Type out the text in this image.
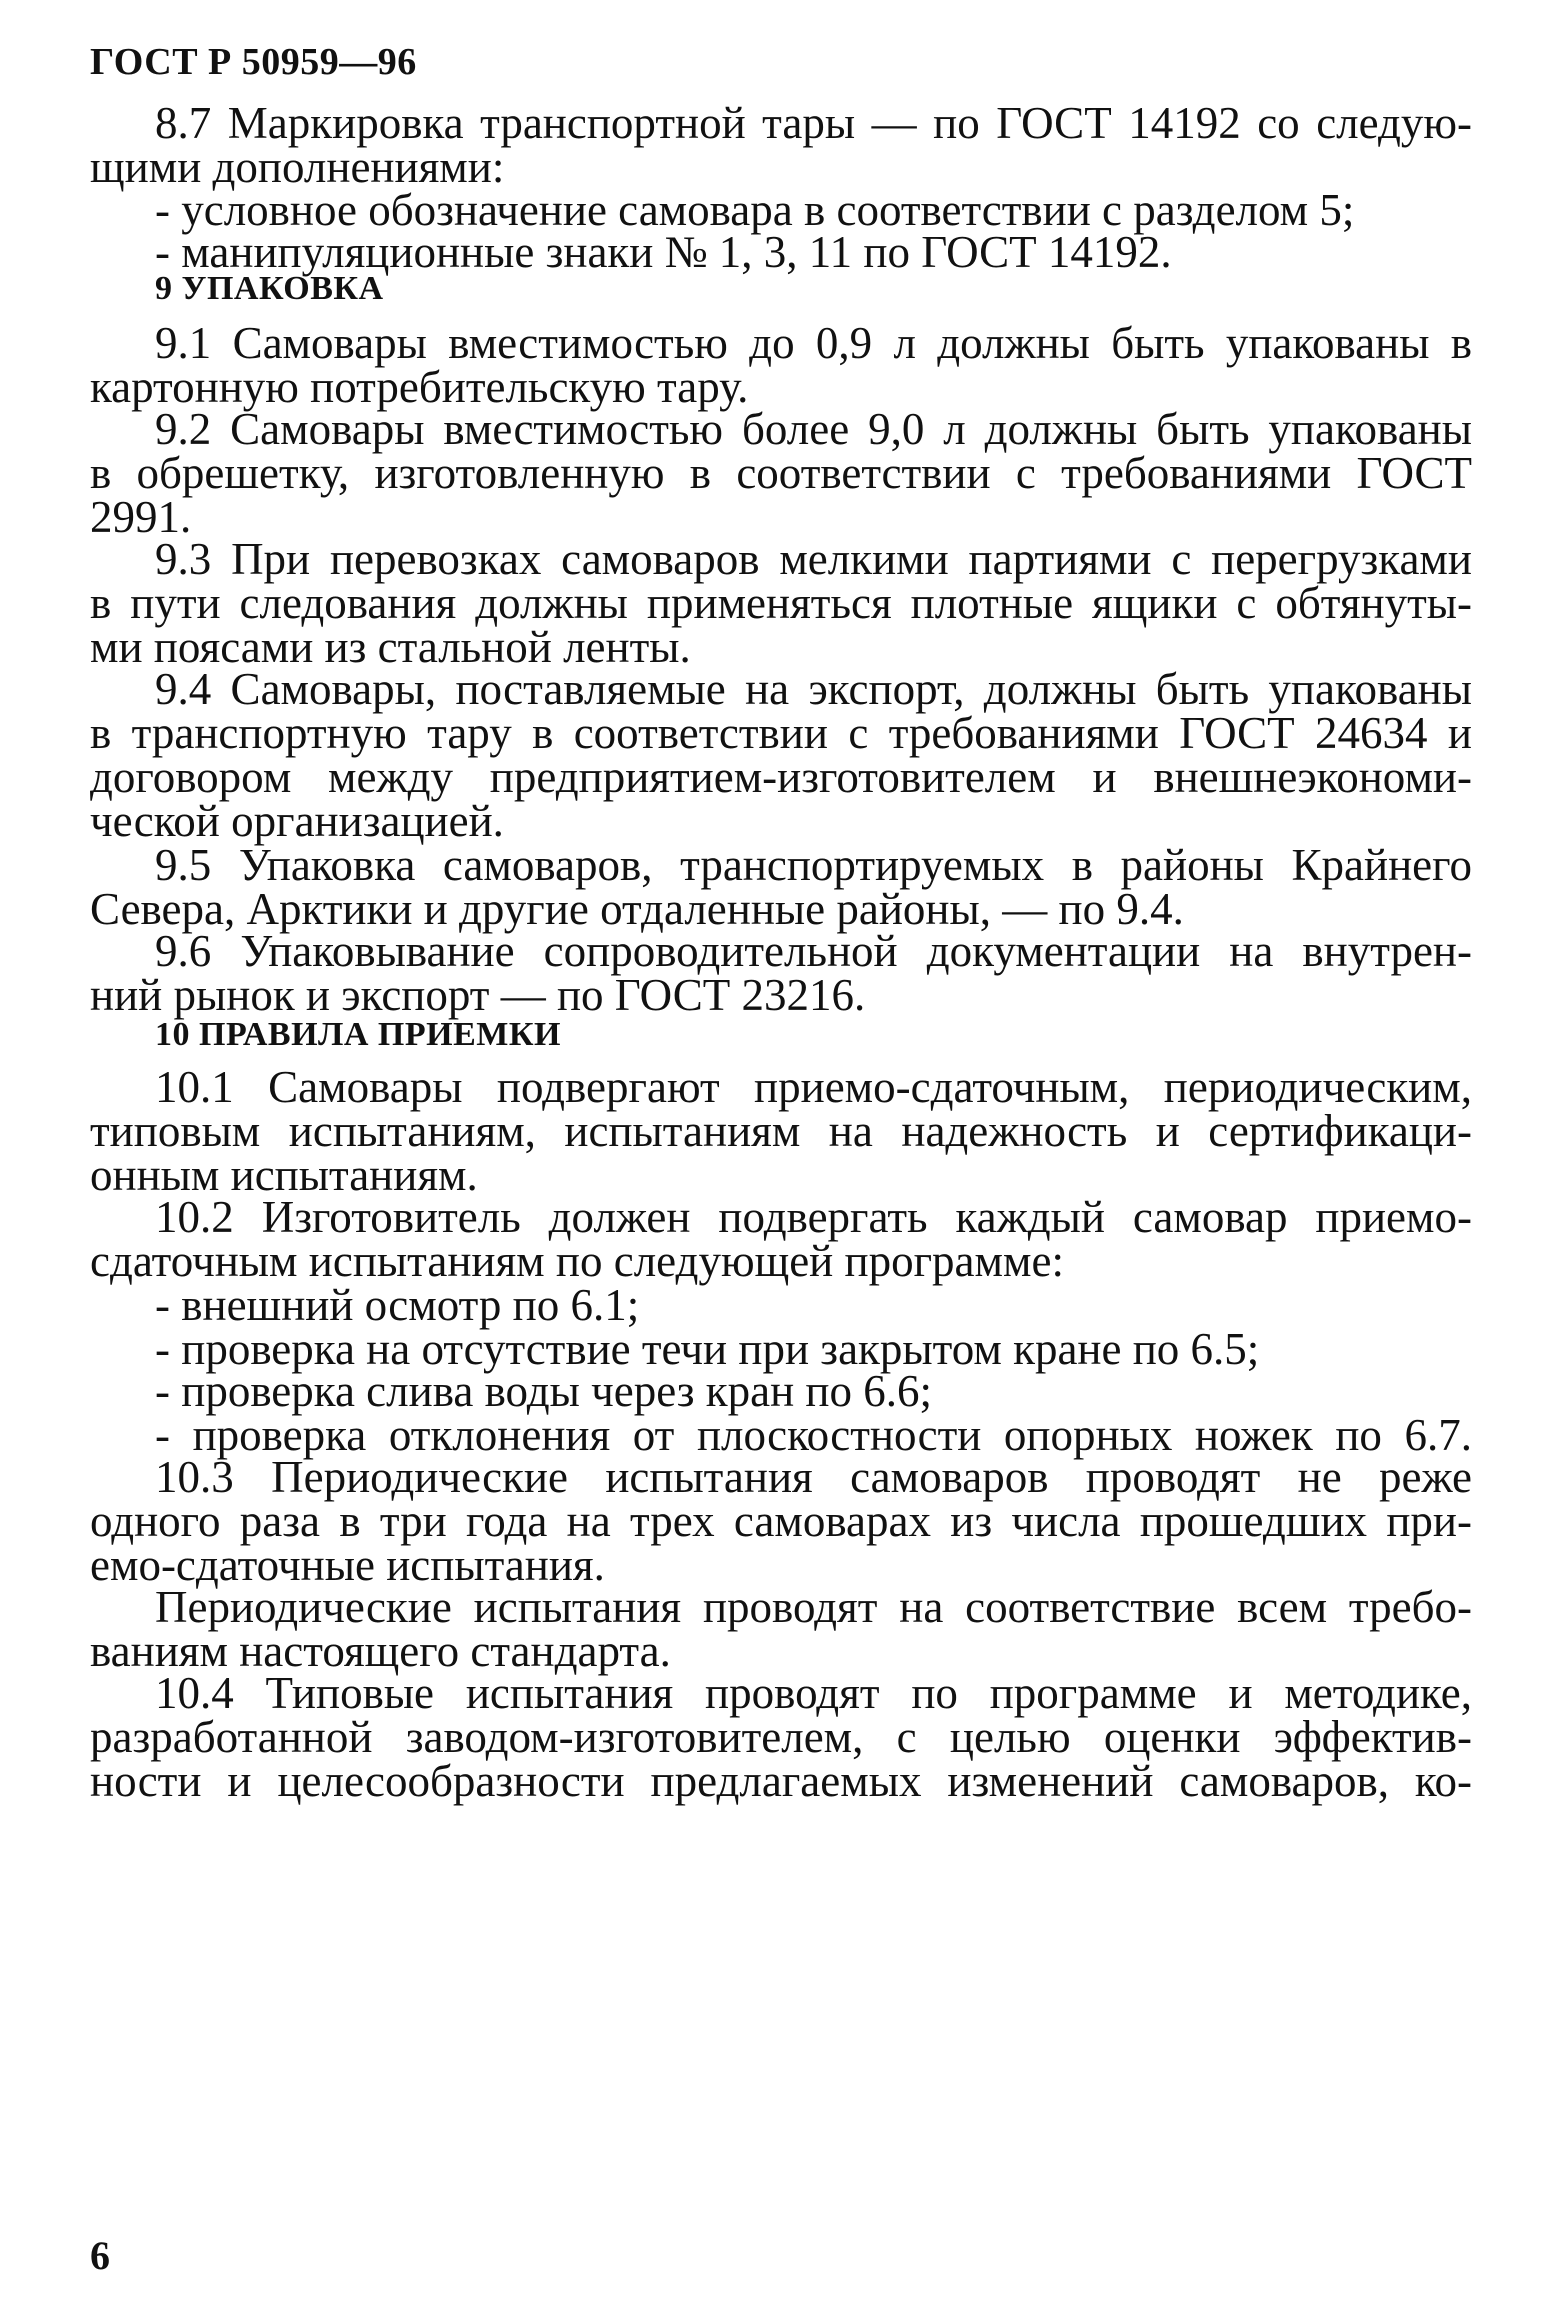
ГОСТ Р 50959—96
8.7 Маркировка транспортной тары — по ГОСТ 14192 со следую-
щими дополнениями:
- условное обозначение самовара в соответствии с разделом 5;
- манипуляционные знаки № 1, 3, 11 по ГОСТ 14192.
9 УПАКОВКА
9.1 Самовары вместимостью до 0,9 л должны быть упакованы в
картонную потребительскую тару.
9.2 Самовары вместимостью более 9,0 л должны быть упакованы
в обрешетку, изготовленную в соответствии с требованиями ГОСТ
2991.
9.3 При перевозках самоваров мелкими партиями с перегрузками
в пути следования должны применяться плотные ящики с обтянуты-
ми поясами из стальной ленты.
9.4 Самовары, поставляемые на экспорт, должны быть упакованы
в транспортную тару в соответствии с требованиями ГОСТ 24634 и
договором между предприятием-изготовителем и внешнеэкономи-
ческой организацией.
9.5 Упаковка самоваров, транспортируемых в районы Крайнего
Севера, Арктики и другие отдаленные районы, — по 9.4.
9.6 Упаковывание сопроводительной документации на внутрен-
ний рынок и экспорт — по ГОСТ 23216.
10 ПРАВИЛА ПРИЕМКИ
10.1 Самовары подвергают приемо-сдаточным, периодическим,
типовым испытаниям, испытаниям на надежность и сертификаци-
онным испытаниям.
10.2 Изготовитель должен подвергать каждый самовар приемо-
сдаточным испытаниям по следующей программе:
- внешний осмотр по 6.1;
- проверка на отсутствие течи при закрытом кране по 6.5;
- проверка слива воды через кран по 6.6;
- проверка отклонения от плоскостности опорных ножек по 6.7.
10.3 Периодические испытания самоваров проводят не реже
одного раза в три года на трех самоварах из числа прошедших при-
емо-сдаточные испытания.
Периодические испытания проводят на соответствие всем требо-
ваниям настоящего стандарта.
10.4 Типовые испытания проводят по программе и методике,
разработанной заводом-изготовителем, с целью оценки эффектив-
ности и целесообразности предлагаемых изменений самоваров, ко-
6
